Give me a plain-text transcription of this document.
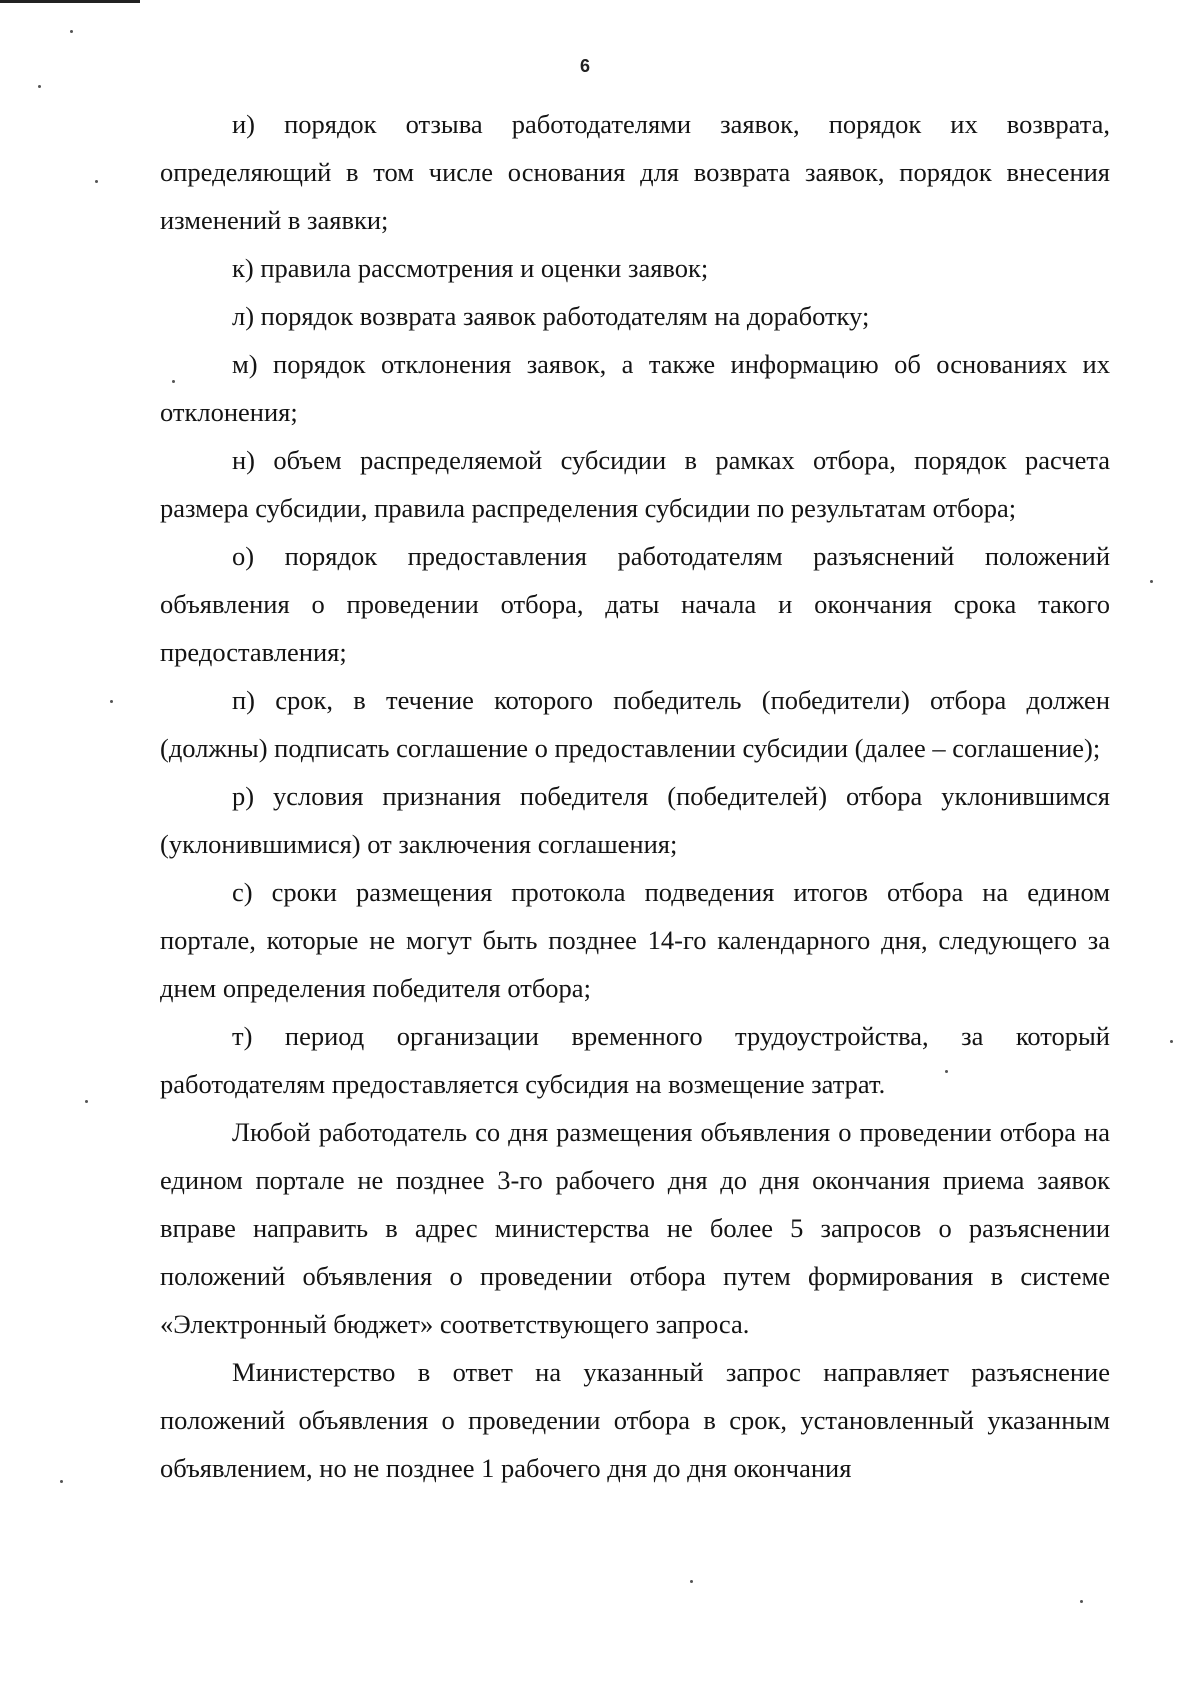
6

и) порядок отзыва работодателями заявок, порядок их возврата, определяющий в том числе основания для возврата заявок, порядок внесения изменений в заявки;

к) правила рассмотрения и оценки заявок;

л) порядок возврата заявок работодателям на доработку;

м) порядок отклонения заявок, а также информацию об основаниях их отклонения;

н) объем распределяемой субсидии в рамках отбора, порядок расчета размера субсидии, правила распределения субсидии по результатам отбора;

о) порядок предоставления работодателям разъяснений положений объявления о проведении отбора, даты начала и окончания срока такого предоставления;

п) срок, в течение которого победитель (победители) отбора должен (должны) подписать соглашение о предоставлении субсидии (далее – соглашение);

р) условия признания победителя (победителей) отбора уклонившимся (уклонившимися) от заключения соглашения;

с) сроки размещения протокола подведения итогов отбора на едином портале, которые не могут быть позднее 14-го календарного дня, следующего за днем определения победителя отбора;

т) период организации временного трудоустройства, за который работодателям предоставляется субсидия на возмещение затрат.

Любой работодатель со дня размещения объявления о проведении отбора на едином портале не позднее 3-го рабочего дня до дня окончания приема заявок вправе направить в адрес министерства не более 5 запросов о разъяснении положений объявления о проведении отбора путем формирования в системе «Электронный бюджет» соответствующего запроса.

Министерство в ответ на указанный запрос направляет разъяснение положений объявления о проведении отбора в срок, установленный указанным объявлением, но не позднее 1 рабочего дня до дня окончания
